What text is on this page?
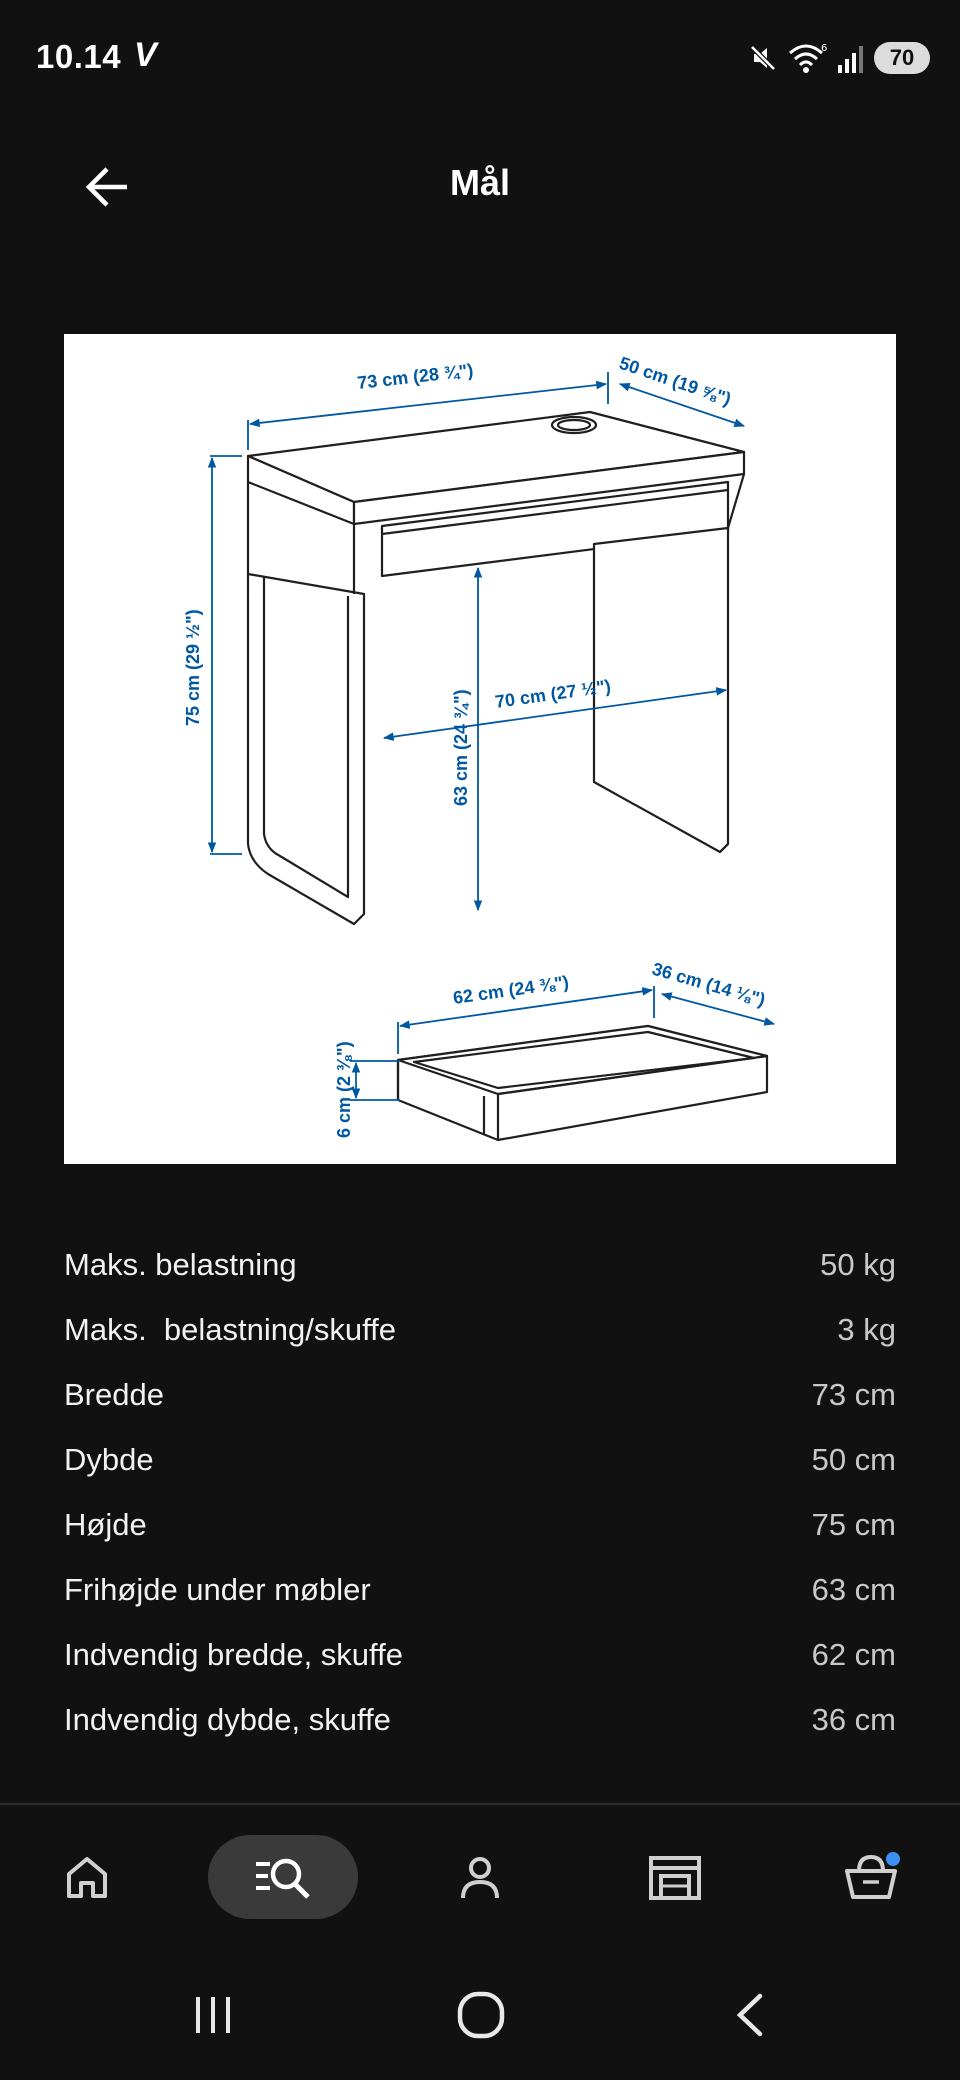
10.14 V	6	70
Mål
73 cm (28 ¾")	50 cm (19 ⅝")
75 cm (29 ½")
63 cm (24 ¾") 70 cm (27 ½")
62 cm (24 ⅜")	36 cm (14 ⅛")
6 cm (2 ⅜")
Maks. belastning	50 kg
Maks.  belastning/skuffe	3 kg
Bredde	73 cm
Dybde	50 cm
Højde	75 cm
Frihøjde under møbler	63 cm
Indvendig bredde, skuffe	62 cm
Indvendig dybde, skuffe	36 cm
